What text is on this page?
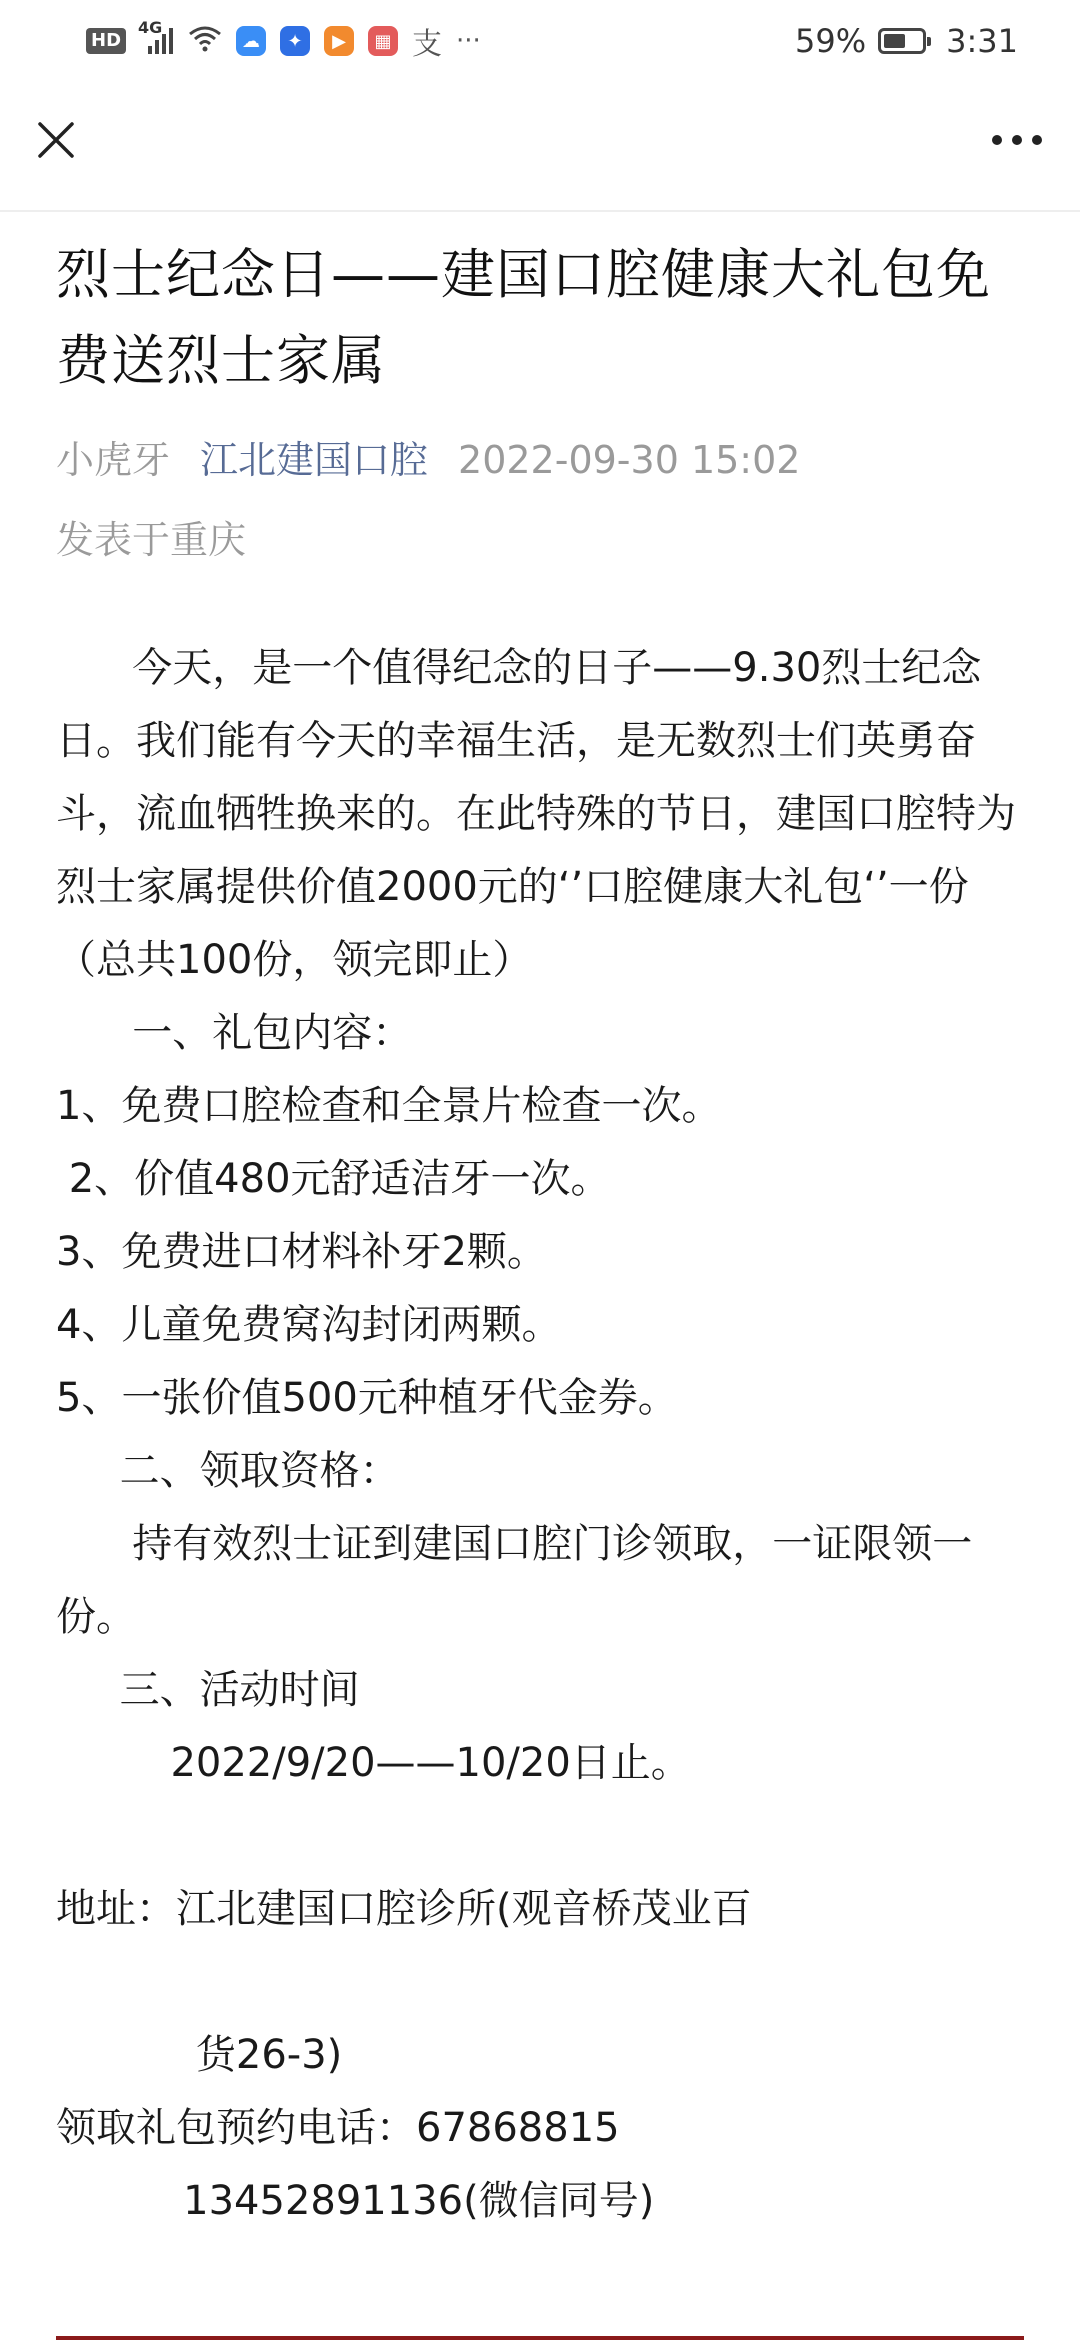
HD
4G
☁	✦	▶	▦ 支 ···	59%	3:31
烈士纪念日——建国口腔健康大礼包免费送烈士家属
小虎牙 江北建国口腔 2022-09-30 15:02
发表于重庆

今天，是一个值得纪念的日子——9.30烈士纪念日。我们能有今天的幸福生活，是无数烈士们英勇奋斗，流血牺牲换来的。在此特殊的节日，建国口腔特为烈士家属提供价值2000元的‘’口腔健康大礼包‘’一份（总共100份，领完即止）

一、礼包内容：

1、免费口腔检查和全景片检查一次。

2、价值480元舒适洁牙一次。

3、免费进口材料补牙2颗。

4、儿童免费窝沟封闭两颗。

5、一张价值500元种植牙代金券。

二、领取资格：

持有效烈士证到建国口腔门诊领取，一证限领一份。

三、活动时间

2022/9/20——10/20日止。

地址：江北建国口腔诊所(观音桥茂业百

货26-3)

领取礼包预约电话：67868815

13452891136(微信同号)
